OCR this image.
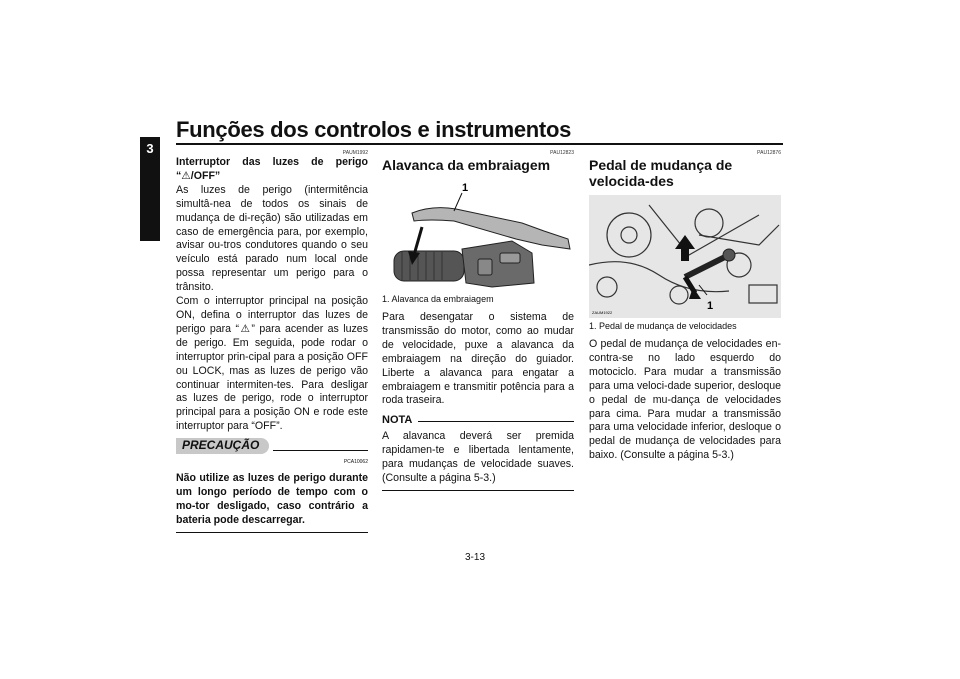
Funções dos controlos e instrumentos
3	PAUM1992
Interruptor das luzes de perigo “⚠/OFF”

As luzes de perigo (intermitência simultâ-nea de todos os sinais de mudança de di-reção) são utilizadas em caso de emergência para, por exemplo, avisar ou-tros condutores quando o seu veículo está parado num local onde possa representar um perigo para o trânsito.

Com o interruptor principal na posição ON, defina o interruptor das luzes de perigo para “⚠” para acender as luzes de perigo. Em seguida, pode rodar o interruptor prin-cipal para a posição OFF ou LOCK, mas as luzes de perigo vão continuar intermiten-tes. Para desligar as luzes de perigo, rode o interruptor principal para a posição ON e rode este interruptor para “OFF”.

PRECAUÇÃO
PCA10062
Não utilize as luzes de perigo durante um longo período de tempo com o mo-tor desligado, caso contrário a bateria pode descarregar.
PAU12823
Alavanca da embraiagem
1
1. Alavanca da embraiagem

Para desengatar o sistema de transmissão do motor, como ao mudar de velocidade, puxe a alavanca da embraiagem na direção do guiador. Liberte a alavanca para engatar a embraiagem e transmitir potência para a roda traseira.

NOTA

A alavanca deverá ser premida rapidamen-te e libertada lentamente, para mudanças de velocidade suaves. (Consulte a página 5-3.)

PAU12876
Pedal de mudança de velocida-des
1
ZAUM1922
1. Pedal de mudança de velocidades

O pedal de mudança de velocidades en-contra-se no lado esquerdo do motociclo. Para mudar a transmissão para uma veloci-dade superior, desloque o pedal de mu-dança de velocidades para cima. Para mudar a transmissão para uma velocidade inferior, desloque o pedal de mudança de velocidades para baixo. (Consulte a página 5-3.)

3-13
